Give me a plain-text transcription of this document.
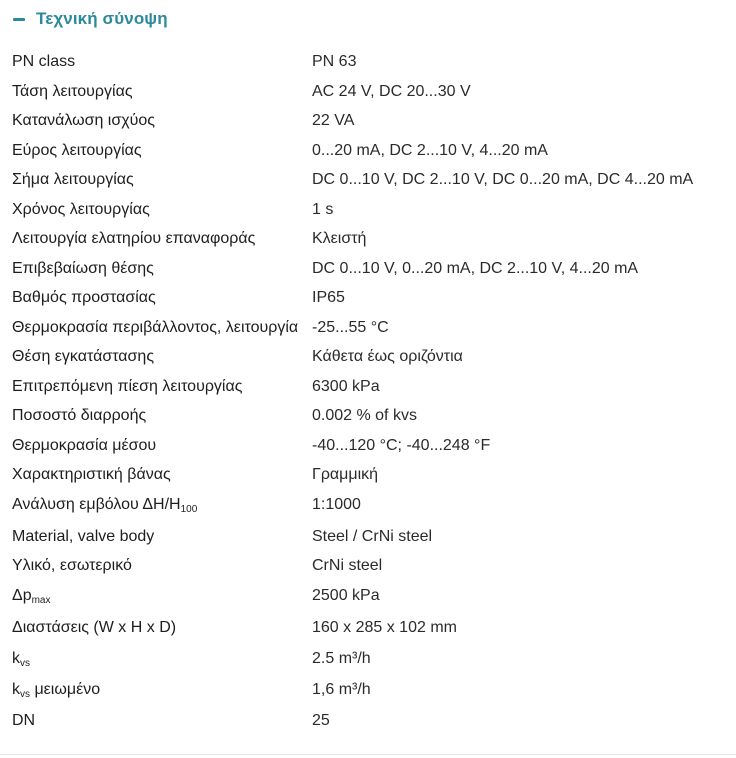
Τεχνική σύνοψη
PN class	PN 63
Τάση λειτουργίας	AC 24 V, DC 20...30 V
Κατανάλωση ισχύος	22 VA
Εύρος λειτουργίας	0...20 mA, DC 2...10 V, 4...20 mA
Σήμα λειτουργίας	DC 0...10 V, DC 2...10 V, DC 0...20 mA, DC 4...20 mA
Χρόνος λειτουργίας	1 s
Λειτουργία ελατηρίου επαναφοράς	Κλειστή
Επιβεβαίωση θέσης	DC 0...10 V, 0...20 mA, DC 2...10 V, 4...20 mA
Βαθμός προστασίας	IP65
Θερμοκρασία περιβάλλοντος, λειτουργία -25...55 °C
Θέση εγκατάστασης	Κάθετα έως οριζόντια
Επιτρεπόμενη πίεση λειτουργίας	6300 kPa
Ποσοστό διαρροής	0.002 % of kvs
Θερμοκρασία μέσου	-40...120 °C; -40...248 °F
Χαρακτηριστική βάνας	Γραμμική
Ανάλυση εμβόλου $\Delta H/H_{100}$	1:1000
Material, valve body	Steel / CrNi steel
Υλικό, εσωτερικό	CrNi steel
$\Delta p_{max}$	2500 kPa
Διαστάσεις (W x H x D)	160 x 285 x 102 mm
$k_{vs}$	2.5 m³/h
$k_{vs}$ μειωμένο	1,6 m³/h
DN	25
